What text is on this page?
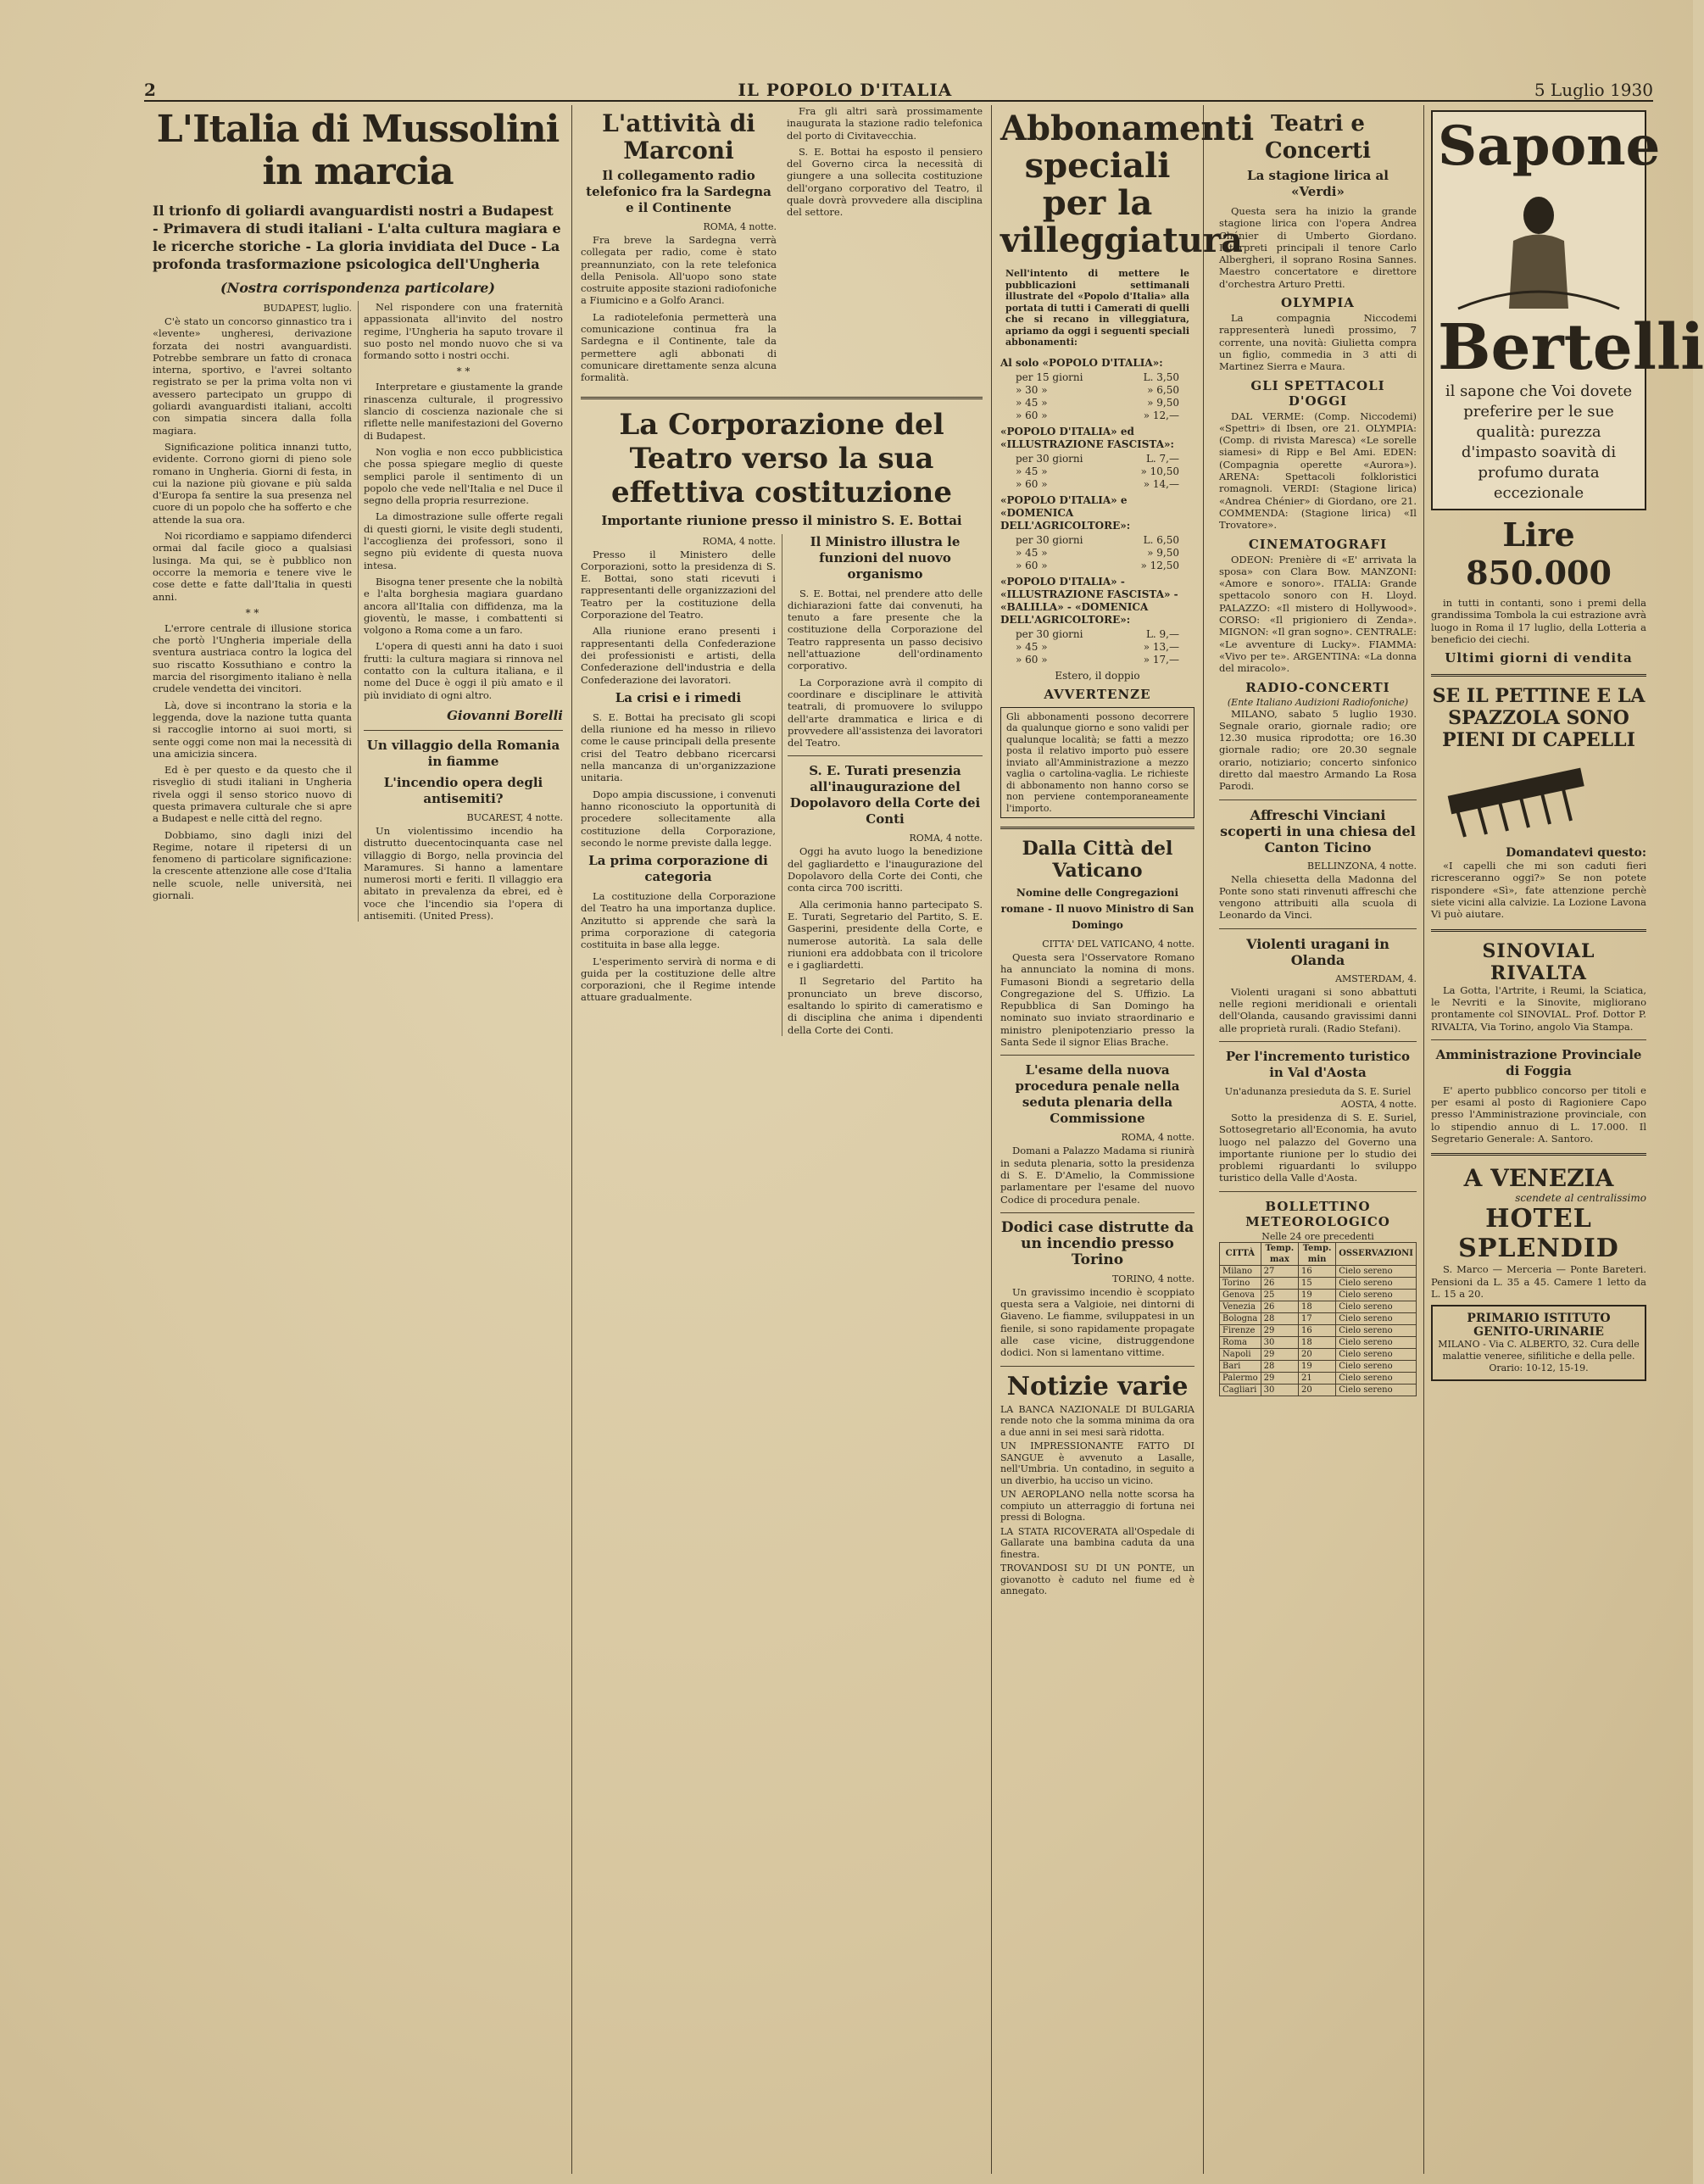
2	IL POPOLO D'ITALIA	5 Luglio 1930
L'Italia di Mussolini in marcia
Il trionfo di goliardi avanguardisti nostri a Budapest - Primavera di studi italiani - L'alta cultura magiara e le ricerche storiche - La gloria invidiata del Duce - La profonda trasformazione psicologica dell'Ungheria
(Nostra corrispondenza particolare)
BUDAPEST, luglio.

C'è stato un concorso ginnastico tra i «levente» ungheresi, derivazione forzata dei nostri avanguardisti. Potrebbe sembrare un fatto di cronaca interna, sportivo, e l'avrei soltanto registrato se per la prima volta non vi avessero partecipato un gruppo di goliardi avanguardisti italiani, accolti con simpatia sincera dalla folla magiara.

Significazione politica innanzi tutto, evidente. Corrono giorni di pieno sole romano in Ungheria. Giorni di festa, in cui la nazione più giovane e più salda d'Europa fa sentire la sua presenza nel cuore di un popolo che ha sofferto e che attende la sua ora.

Noi ricordiamo e sappiamo difenderci ormai dal facile gioco a qualsiasi lusinga. Ma qui, se è pubblico non occorre la memoria e tenere vive le cose dette e fatte dall'Italia in questi anni.

* *

L'errore centrale di illusione storica che portò l'Ungheria imperiale della sventura austriaca contro la logica del suo riscatto Kossuthiano e contro la marcia del risorgimento italiano è nella crudele vendetta dei vincitori.

Là, dove si incontrano la storia e la leggenda, dove la nazione tutta quanta si raccoglie intorno ai suoi morti, si sente oggi come non mai la necessità di una amicizia sincera.

Ed è per questo e da questo che il risveglio di studi italiani in Ungheria rivela oggi il senso storico nuovo di questa primavera culturale che si apre a Budapest e nelle città del regno.

Dobbiamo, sino dagli inizi del Regime, notare il ripetersi di un fenomeno di particolare significazione: la crescente attenzione alle cose d'Italia nelle scuole, nelle università, nei giornali.

Nel rispondere con una fraternità appassionata all'invito del nostro regime, l'Ungheria ha saputo trovare il suo posto nel mondo nuovo che si va formando sotto i nostri occhi.

* *

Interpretare e giustamente la grande rinascenza culturale, il progressivo slancio di coscienza nazionale che si riflette nelle manifestazioni del Governo di Budapest.

Non voglia e non ecco pubblicistica che possa spiegare meglio di queste semplici parole il sentimento di un popolo che vede nell'Italia e nel Duce il segno della propria resurrezione.

La dimostrazione sulle offerte regali di questi giorni, le visite degli studenti, l'accoglienza dei professori, sono il segno più evidente di questa nuova intesa.

Bisogna tener presente che la nobiltà e l'alta borghesia magiara guardano ancora all'Italia con diffidenza, ma la gioventù, le masse, i combattenti si volgono a Roma come a un faro.

L'opera di questi anni ha dato i suoi frutti: la cultura magiara si rinnova nel contatto con la cultura italiana, e il nome del Duce è oggi il più amato e il più invidiato di ogni altro.

Giovanni Borelli
Un villaggio della Romania in fiamme
L'incendio opera degli antisemiti?
BUCAREST, 4 notte.

Un violentissimo incendio ha distrutto duecentocinquanta case nel villaggio di Borgo, nella provincia del Maramures. Si hanno a lamentare numerosi morti e feriti. Il villaggio era abitato in prevalenza da ebrei, ed è voce che l'incendio sia l'opera di antisemiti. (United Press).

L'attività di Marconi
Il collegamento radio telefonico fra la Sardegna e il Continente
ROMA, 4 notte.

Fra breve la Sardegna verrà collegata per radio, come è stato preannunziato, con la rete telefonica della Penisola. All'uopo sono state costruite apposite stazioni radiofoniche a Fiumicino e a Golfo Aranci.

La radiotelefonia permetterà una comunicazione continua fra la Sardegna e il Continente, tale da permettere agli abbonati di comunicare direttamente senza alcuna formalità.

Fra gli altri sarà prossimamente inaugurata la stazione radio telefonica del porto di Civitavecchia.

S. E. Bottai ha esposto il pensiero del Governo circa la necessità di giungere a una sollecita costituzione dell'organo corporativo del Teatro, il quale dovrà provvedere alla disciplina del settore.

La Corporazione del Teatro verso la sua effettiva costituzione
Importante riunione presso il ministro S. E. Bottai
ROMA, 4 notte.

Presso il Ministero delle Corporazioni, sotto la presidenza di S. E. Bottai, sono stati ricevuti i rappresentanti delle organizzazioni del Teatro per la costituzione della Corporazione del Teatro.

Alla riunione erano presenti i rappresentanti della Confederazione dei professionisti e artisti, della Confederazione dell'industria e della Confederazione dei lavoratori.

La crisi e i rimedi

S. E. Bottai ha precisato gli scopi della riunione ed ha messo in rilievo come le cause principali della presente crisi del Teatro debbano ricercarsi nella mancanza di un'organizzazione unitaria.

Dopo ampia discussione, i convenuti hanno riconosciuto la opportunità di procedere sollecitamente alla costituzione della Corporazione, secondo le norme previste dalla legge.

La prima corporazione di categoria

La costituzione della Corporazione del Teatro ha una importanza duplice. Anzitutto si apprende che sarà la prima corporazione di categoria costituita in base alla legge.

L'esperimento servirà di norma e di guida per la costituzione delle altre corporazioni, che il Regime intende attuare gradualmente.

Il Ministro illustra le funzioni del nuovo organismo

S. E. Bottai, nel prendere atto delle dichiarazioni fatte dai convenuti, ha tenuto a fare presente che la costituzione della Corporazione del Teatro rappresenta un passo decisivo nell'attuazione dell'ordinamento corporativo.

La Corporazione avrà il compito di coordinare e disciplinare le attività teatrali, di promuovere lo sviluppo dell'arte drammatica e lirica e di provvedere all'assistenza dei lavoratori del Teatro.

S. E. Turati presenzia all'inaugurazione del Dopolavoro della Corte dei Conti
ROMA, 4 notte.

Oggi ha avuto luogo la benedizione del gagliardetto e l'inaugurazione del Dopolavoro della Corte dei Conti, che conta circa 700 iscritti.

Alla cerimonia hanno partecipato S. E. Turati, Segretario del Partito, S. E. Gasperini, presidente della Corte, e numerose autorità. La sala delle riunioni era addobbata con il tricolore e i gagliardetti.

Il Segretario del Partito ha pronunciato un breve discorso, esaltando lo spirito di cameratismo e di disciplina che anima i dipendenti della Corte dei Conti.

Abbonamenti speciali per la villeggiatura
Nell'intento di mettere le pubblicazioni settimanali illustrate del «Popolo d'Italia» alla portata di tutti i Camerati di quelli che si recano in villeggiatura, apriamo da oggi i seguenti speciali abbonamenti:
Al solo «POPOLO D'ITALIA»:
per 15 giorni	L. 3,50
» 30 »	» 6,50
» 45 »	» 9,50
» 60 »	» 12,—
«POPOLO D'ITALIA» ed «ILLUSTRAZIONE FASCISTA»:
per 30 giorni	L. 7,—
» 45 »	» 10,50
» 60 »	» 14,—
«POPOLO D'ITALIA» e «DOMENICA DELL'AGRICOLTORE»:
per 30 giorni	L. 6,50
» 45 »	» 9,50
» 60 »	» 12,50
«POPOLO D'ITALIA» - «ILLUSTRAZIONE FASCISTA» - «BALILLA» - «DOMENICA DELL'AGRICOLTORE»:
per 30 giorni	L. 9,—
» 45 »	» 13,—
» 60 »	» 17,—
Estero, il doppio
AVVERTENZE
Gli abbonamenti possono decorrere da qualunque giorno e sono validi per qualunque località; se fatti a mezzo posta il relativo importo può essere inviato all'Amministrazione a mezzo vaglia o cartolina-vaglia. Le richieste di abbonamento non hanno corso se non perviene contemporaneamente l'importo.
Dalla Città del Vaticano
Nomine delle Congregazioni romane - Il nuovo Ministro di San Domingo
CITTA' DEL VATICANO, 4 notte.

Questa sera l'Osservatore Romano ha annunciato la nomina di mons. Fumasoni Biondi a segretario della Congregazione del S. Uffizio. La Repubblica di San Domingo ha nominato suo inviato straordinario e ministro plenipotenziario presso la Santa Sede il signor Elias Brache.

L'esame della nuova procedura penale nella seduta plenaria della Commissione
ROMA, 4 notte.

Domani a Palazzo Madama si riunirà in seduta plenaria, sotto la presidenza di S. E. D'Amelio, la Commissione parlamentare per l'esame del nuovo Codice di procedura penale.

Dodici case distrutte da un incendio presso Torino
TORINO, 4 notte.

Un gravissimo incendio è scoppiato questa sera a Valgioie, nei dintorni di Giaveno. Le fiamme, sviluppatesi in un fienile, si sono rapidamente propagate alle case vicine, distruggendone dodici. Non si lamentano vittime.

Notizie varie
LA BANCA NAZIONALE DI BULGARIA rende noto che la somma minima da ora a due anni in sei mesi sarà ridotta.
UN IMPRESSIONANTE FATTO DI SANGUE è avvenuto a Lasalle, nell'Umbria. Un contadino, in seguito a un diverbio, ha ucciso un vicino.
UN AEROPLANO nella notte scorsa ha compiuto un atterraggio di fortuna nei pressi di Bologna.
LA STATA RICOVERATA all'Ospedale di Gallarate una bambina caduta da una finestra.
TROVANDOSI SU DI UN PONTE, un giovanotto è caduto nel fiume ed è annegato.
Sapone
Bertelli
il sapone che Voi dovete preferire per le sue qualità: purezza d'impasto soavità di profumo durata eccezionale
Lire 850.000

in tutti in contanti, sono i premi della grandissima Tombola la cui estrazione avrà luogo in Roma il 17 luglio, della Lotteria a beneficio dei ciechi.

Ultimi giorni di vendita
SE IL PETTINE E LA SPAZZOLA SONO PIENI DI CAPELLI
Domandatevi questo:

«I capelli che mi son caduti fieri ricresceranno oggi?» Se non potete rispondere «Sì», fate attenzione perchè siete vicini alla calvizie. La Lozione Lavona Vi può aiutare.

SINOVIAL RIVALTA

La Gotta, l'Artrite, i Reumi, la Sciatica, le Nevriti e la Sinovite, migliorano prontamente col SINOVIAL. Prof. Dottor P. RIVALTA, Via Torino, angolo Via Stampa.

Amministrazione Provinciale di Foggia

E' aperto pubblico concorso per titoli e per esami al posto di Ragioniere Capo presso l'Amministrazione provinciale, con lo stipendio annuo di L. 17.000. Il Segretario Generale: A. Santoro.

A VENEZIA
scendete al centralissimo
HOTEL SPLENDID

S. Marco — Merceria — Ponte Bareteri. Pensioni da L. 35 a 45. Camere 1 letto da L. 15 a 20.

PRIMARIO ISTITUTO GENITO-URINARIE
MILANO - Via C. ALBERTO, 32. Cura delle malattie veneree, sifilitiche e della pelle. Orario: 10-12, 15-19.
Teatri e Concerti
La stagione lirica al «Verdi»

Questa sera ha inizio la grande stagione lirica con l'opera Andrea Chénier di Umberto Giordano. Interpreti principali il tenore Carlo Albergheri, il soprano Rosina Sannes. Maestro concertatore e direttore d'orchestra Arturo Pretti.

OLYMPIA

La compagnia Niccodemi rappresenterà lunedì prossimo, 7 corrente, una novità: Giulietta compra un figlio, commedia in 3 atti di Martinez Sierra e Maura.

GLI SPETTACOLI D'OGGI

DAL VERME: (Comp. Niccodemi) «Spettri» di Ibsen, ore 21. OLYMPIA: (Comp. di rivista Maresca) «Le sorelle siamesi» di Ripp e Bel Ami. EDEN: (Compagnia operette «Aurora»). ARENA: Spettacoli folkloristici romagnoli. VERDI: (Stagione lirica) «Andrea Chénier» di Giordano, ore 21. COMMENDA: (Stagione lirica) «Il Trovatore».

CINEMATOGRAFI

ODEON: Prenière di «E' arrivata la sposa» con Clara Bow. MANZONI: «Amore e sonoro». ITALIA: Grande spettacolo sonoro con H. Lloyd. PALAZZO: «Il mistero di Hollywood». CORSO: «Il prigioniero di Zenda». MIGNON: «Il gran sogno». CENTRALE: «Le avventure di Lucky». FIAMMA: «Vivo per te». ARGENTINA: «La donna del miracolo».

RADIO-CONCERTI
(Ente Italiano Audizioni Radiofoniche)

MILANO, sabato 5 luglio 1930. Segnale orario, giornale radio; ore 12.30 musica riprodotta; ore 16.30 giornale radio; ore 20.30 segnale orario, notiziario; concerto sinfonico diretto dal maestro Armando La Rosa Parodi.

Affreschi Vinciani scoperti in una chiesa del Canton Ticino
BELLINZONA, 4 notte.

Nella chiesetta della Madonna del Ponte sono stati rinvenuti affreschi che vengono attribuiti alla scuola di Leonardo da Vinci.

Violenti uragani in Olanda
AMSTERDAM, 4.

Violenti uragani si sono abbattuti nelle regioni meridionali e orientali dell'Olanda, causando gravissimi danni alle proprietà rurali. (Radio Stefani).

Per l'incremento turistico in Val d'Aosta
Un'adunanza presieduta da S. E. Suriel
AOSTA, 4 notte.

Sotto la presidenza di S. E. Suriel, Sottosegretario all'Economia, ha avuto luogo nel palazzo del Governo una importante riunione per lo studio dei problemi riguardanti lo sviluppo turistico della Valle d'Aosta.

BOLLETTINO METEOROLOGICO
Nelle 24 ore precedenti
CITTÀ	Temp. max	Temp. min	OSSERVAZIONI
Milano	27	16	Cielo sereno
Torino	26	15	Cielo sereno
Genova	25	19	Cielo sereno
Venezia	26	18	Cielo sereno
Bologna	28	17	Cielo sereno
Firenze	29	16	Cielo sereno
Roma	30	18	Cielo sereno
Napoli	29	20	Cielo sereno
Bari	28	19	Cielo sereno
Palermo	29	21	Cielo sereno
Cagliari	30	20	Cielo sereno
